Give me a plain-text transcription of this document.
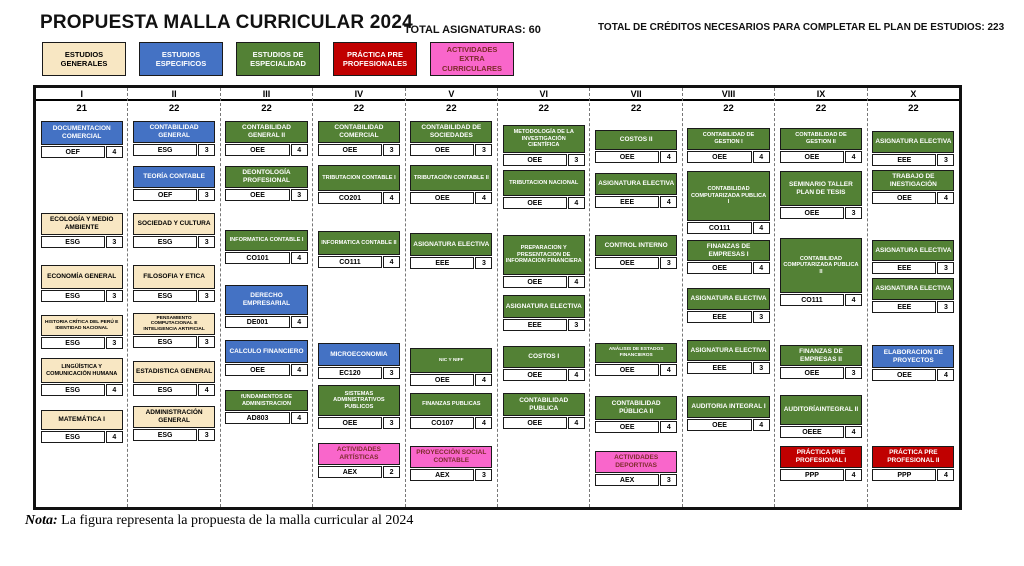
PROPUESTA MALLA CURRICULAR 2024
TOTAL ASIGNATURAS: 60	TOTAL DE CRÉDITOS NECESARIOS PARA COMPLETAR EL PLAN DE ESTUDIOS: 223
ESTUDIOS GENERALES
ESTUDIOS ESPECIFICOS
ESTUDIOS DE ESPECIALIDAD
PRÁCTICA PRE PROFESIONALES
ACTIVIDADES EXTRA CURRICULARES
I
21
DOCUMENTACION COMERCIAL
OEF	4
ECOLOGÍA Y MEDIO AMBIENTE
ESG	3
ECONOMÍA GENERAL
ESG	3
HISTORIA CRÍTICA DEL PERÚ E IDENTIDAD NACIONAL
ESG	3
LINGÜÍSTICA Y COMUNICACIÓN HUMANA
ESG	4
MATEMÁTICA I
ESG	4
II
22
CONTABILIDAD GENERAL
ESG	3
TEORÍA CONTABLE
OEF	3
SOCIEDAD Y CULTURA
ESG	3
FILOSOFIA Y ETICA
ESG	3
PENSAMIENTO COMPUTACIONAL E INTELIGENCIA ARTIFICIAL
ESG	3
ESTADISTICA GENERAL
ESG	4
ADMINISTRACIÓN GENERAL
ESG	3
III
22
CONTABILIDAD GENERAL II
OEE	4
DEONTOLOGÍA PROFESIONAL
OEE	3
INFORMATICA CONTABLE I
CO101	4
DERECHO EMPRESARIAL
DE001	4
CALCULO FINANCIERO
OEE	4
fUNDAMENTOS DE ADMINISTRACION
AD803	4
IV
22
CONTABILIDAD COMERCIAL
OEE	3
TRIBUTACION CONTABLE I
CO201	4
INFORMATICA CONTABLE II
CO111	4
MICROECONOMIA
EC120	3
SISTEMAS ADMINISTRATIVOS PUBLICOS
OEE	3
ACTIVIDADES ARTÍSTICAS
AEX	2
V
22
CONTABILIDAD DE SOCIEDADES
OEE	3
TRIBUTACIÓN CONTABLE II
OEE	4
ASIGNATURA ELECTIVA
EEE	3
NIC Y NIFF
OEE	4
FINANZAS PUBLICAS
CO107	4
PROYECCIÓN SOCIAL CONTABLE
AEX	3
VI
22
METODOLOGÍA DE LA INVESTIGACIÓN CIENTÍFICA
OEE	3
TRIBUTACION NACIONAL
OEE	4
PREPARACION Y PRESENTACION DE INFORMACION FINANCIERA
OEE	4
ASIGNATURA ELECTIVA
EEE	3
COSTOS I
OEE	4
CONTABILIDAD PUBLICA
OEE	4
VII
22
COSTOS II
OEE	4
ASIGNATURA ELECTIVA
EEE	4
CONTROL INTERNO
OEE	3
ANÁLISIS DE ESTADOS FINANCIEROS
OEE	4
CONTABILIDAD PÚBLICA II
OEE	4
ACTIVIDADES DEPORTIVAS
AEX	3
VIII
22
CONTABILIDAD DE GESTION I
OEE	4
CONTABILIDAD COMPUTARIZADA PUBLICA I
CO111	4
FINANZAS DE EMPRESAS I
OEE	4
ASIGNATURA ELECTIVA
EEE	3
ASIGNATURA ELECTIVA
EEE	3
AUDITORIA INTEGRAL I
OEE	4
IX
22
CONTABILIDAD DE GESTION II
OEE	4
SEMINARIO TALLER PLAN DE TESIS
OEE	3
CONTABILIDAD COMPUTARIZADA PUBLICA II
CO111	4
FINANZAS DE EMPRESAS II
OEE	3
AUDITORÍAINTEGRAL II
OEEE	4
PRÁCTICA PRE PROFESIONAL I
PPP	4
X
22
ASIGNATURA ELECTIVA
EEE	3
TRABAJO DE INESTIGACIÓN
OEE	4
ASIGNATURA ELECTIVA
EEE	3
ASIGNATURA ELECTIVA
EEE	3
ELABORACION DE PROYECTOS
OEE	4
PRÁCTICA PRE PROFESIONAL II
PPP	4
Nota: La figura representa la propuesta de la malla curricular al 2024
